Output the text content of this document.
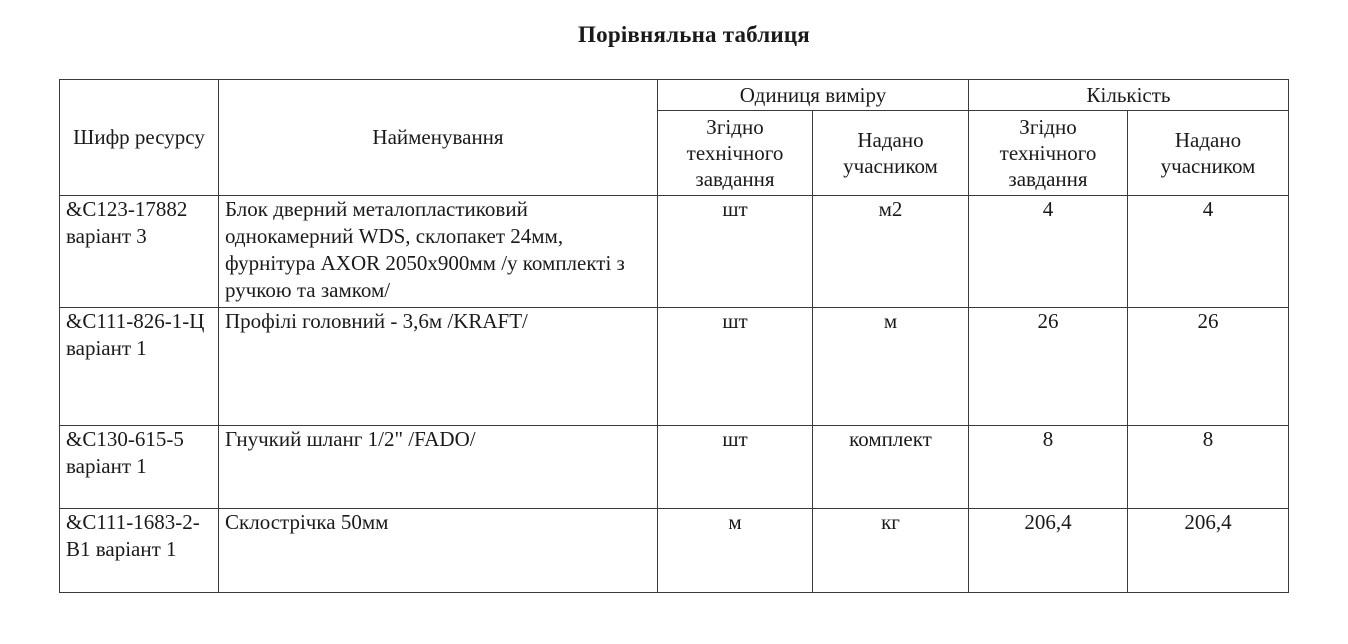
Порівняльна таблиця
Шифр ресурсу	Найменування	Одиниця виміру		Кількість	
		Згідно технічного завдання	Надано учасником	Згідно технічного завдання	Надано учасником
&С123-17882 варіант 3	Блок дверний металопластиковий однокамерний WDS, склопакет 24мм, фурнітура AXOR 2050х900мм /у комплекті з ручкою та замком/	шт	м2	4	4
&С111-826-1-Ц варіант 1	Профілі головний - 3,6м /KRAFT/	шт	м	26	26
&С130-615-5 варіант 1	Гнучкий шланг 1/2" /FADO/	шт	комплект	8	8
&С111-1683-2-В1 варіант 1	Склострічка 50мм	м	кг	206,4	206,4
